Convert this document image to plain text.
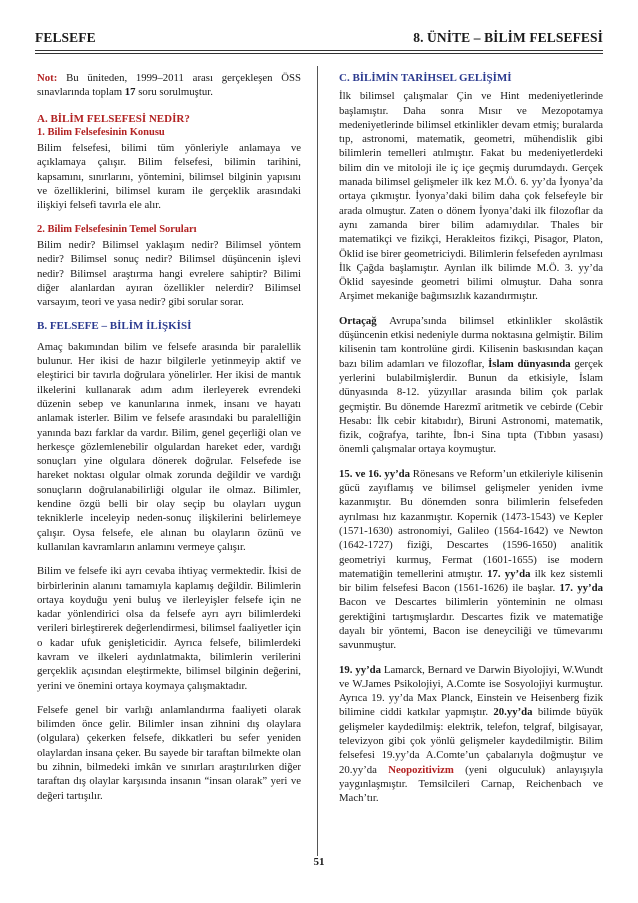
FELSEFE	8. ÜNİTE – BİLİM FELSEFESİ

Not: Bu üniteden, 1999–2011 arası gerçekleşen ÖSS sınavlarında toplam 17 soru sorulmuştur.

A. BİLİM FELSEFESİ NEDİR?
1. Bilim Felsefesinin Konusu

Bilim felsefesi, bilimi tüm yönleriyle anlamaya ve açıklamaya çalışır. Bilim felsefesi, bilimin tarihini, kapsamını, sınırlarını, yöntemini, bilimsel bilginin yapısını ve özelliklerini, bilimsel kuram ile gerçeklik arasındaki ilişkiyi felsefi tavırla ele alır.

2. Bilim Felsefesinin Temel Soruları

Bilim nedir? Bilimsel yaklaşım nedir? Bilimsel yöntem nedir? Bilimsel sonuç nedir? Bilimsel düşüncenin işlevi nedir? Bilimsel araştırma hangi evrelere sahiptir? Bilimi diğer alanlardan ayıran özellikler nelerdir? Bilimsel varsayım, teori ve yasa nedir? gibi sorular sorar.

B. FELSEFE – BİLİM İLİŞKİSİ

Amaç bakımından bilim ve felsefe arasında bir paralellik bulunur. Her ikisi de hazır bilgilerle yetinmeyip aktif ve eleştirici bir tavırla doğrulara yönelirler. Her ikisi de mantık ilkelerini kullanarak adım adım ilerleyerek evrendeki düzenin sebep ve kanunlarına inmek, insanı ve hayatı anlamak isterler. Bilim ve felsefe arasındaki bu paralelliğin yanında bazı farklar da vardır. Bilim, genel geçerliği olan ve herkesçe gözlemlenebilir olgulardan hareket eder, vardığı sonuçları yine olgulara dönerek doğrular. Felsefede ise hareket noktası olgular olmak zorunda değildir ve vardığı sonuçların doğrulanabilirliği olgular ile olmaz. Bilimler, kendine özgü belli bir olay seçip bu olayları uygun tekniklerle inceleyip neden-sonuç ilişkilerini belirlemeye çalışır. Oysa felsefe, ele alınan bu olayların özünü ve kullanılan kavramların anlamını vermeye çalışır.

Bilim ve felsefe iki ayrı cevaba ihtiyaç vermektedir. İkisi de birbirlerinin alanını tamamıyla kaplamış değildir. Bilimlerin ortaya koyduğu yeni buluş ve ilerleyişler felsefe için ne kadar yönlendirici olsa da felsefe ayrı ayrı bilimlerdeki verileri birleştirerek değerlendirmesi, bilimsel faaliyetler için o kadar ufuk genişleticidir. Ayrıca felsefe, bilimlerdeki kavram ve ilkeleri aydınlatmakta, bilimlerin verilerini gerçeklik açısından eleştirmekte, bilimsel bilginin değerini, yerini ve önemini ortaya koymaya çalışmaktadır.

Felsefe genel bir varlığı anlamlandırma faaliyeti olarak bilimden önce gelir. Bilimler insan zihnini dış olaylara (olgulara) çekerken felsefe, dikkatleri bu sefer yeniden olaylardan insana çeker. Bu sayede bir taraftan bilmekte olan bu zihnin, bilmedeki imkân ve sınırları araştırılırken diğer taraftan dış olaylar karşısında insanın “insan olarak” yeri ve değeri tartışılır.

C. BİLİMİN TARİHSEL GELİŞİMİ

İlk bilimsel çalışmalar Çin ve Hint medeniyetlerinde başlamıştır. Daha sonra Mısır ve Mezopotamya medeniyetlerinde bilimsel etkinlikler devam etmiş; buralarda tıp, astronomi, matematik, geometri, mühendislik gibi bilimlerin temelleri atılmıştır. Fakat bu medeniyetlerdeki bilim din ve mitoloji ile iç içe geçmiş durumdaydı. Gerçek manada bilimsel gelişmeler ilk kez M.Ö. 6. yy’da İyonya’da ortaya çıkmıştır. İyonya’daki bilim daha çok felsefeyle bir arada olmuştur. Zaten o dönem İyonya’daki ilk filozoflar da aynı zamanda birer bilim adamıydılar. Thales bir matematikçi ve fizikçi, Herakleitos fizikçi, Pisagor, Platon, Öklid ise birer geometriciydi. Bilimlerin felsefeden ayrılması İlk Çağda başlamıştır. Ayrılan ilk bilimde M.Ö. 3. yy’da Öklid sayesinde geometri bilimi olmuştur. Daha sonra Arşimet mekaniğe bağımsızlık kazandırmıştır.

Ortaçağ Avrupa’sında bilimsel etkinlikler skolâstik düşüncenin etkisi nedeniyle durma noktasına gelmiştir. Bilim kilisenin tam kontrolüne girdi. Kilisenin baskısından kaçan bazı bilim adamları ve filozoflar, İslam dünyasında gerçek yerlerini bulabilmişlerdir. Bunun da etkisiyle, İslam dünyasında 8-12. yüzyıllar arasında bilim çok parlak geçmiştir. Bu dönemde Harezmî aritmetik ve cebirde (Cebir Hesabı: İlk cebir kitabıdır), Biruni Astronomi, matematik, fizik, coğrafya, tarihte, İbn-i Sina tıpta (Tıbbın yasası) önemli çalışmalar ortaya koymuştur.

15. ve 16. yy’da Rönesans ve Reform’un etkileriyle kilisenin gücü zayıflamış ve bilimsel gelişmeler yeniden ivme kazanmıştır. Bu dönemden sonra bilimlerin felsefeden ayrılması hız kazanmıştır. Kopernik (1473-1543) ve Kepler (1571-1630) astronomiyi, Galileo (1564-1642) ve Newton (1642-1727) fiziği, Descartes (1596-1650) analitik geometriyi kurmuş, Fermat (1601-1655) ise modern matematiğin temellerini atmıştır. 17. yy’da ilk kez sistemli bir bilim felsefesi Bacon (1561-1626) ile başlar. 17. yy’da Bacon ve Descartes bilimlerin yönteminin ne olması gerektiğini tartışmışlardır. Descartes fizik ve matematiğe dayalı bir yöntemi, Bacon ise deneyciliği ve tümevarımı savunmuştur.

19. yy’da Lamarck, Bernard ve Darwin Biyolojiyi, W.Wundt ve W.James Psikolojiyi, A.Comte ise Sosyolojiyi kurmuştur. Ayrıca 19. yy’da Max Planck, Einstein ve Heisenberg fizik bilimine ciddi katkılar yapmıştır. 20.yy’da bilimde büyük gelişmeler kaydedilmiş: elektrik, telefon, telgraf, bilgisayar, televizyon gibi çok yönlü gelişmeler kaydedilmiştir. Bilim felsefesi 19.yy’da A.Comte’un çabalarıyla doğmuştur ve 20.yy’da Neopozitivizm (yeni olguculuk) anlayışıyla yaygınlaşmıştır. Temsilcileri Carnap, Reichenbach ve Mach’tır.

51
